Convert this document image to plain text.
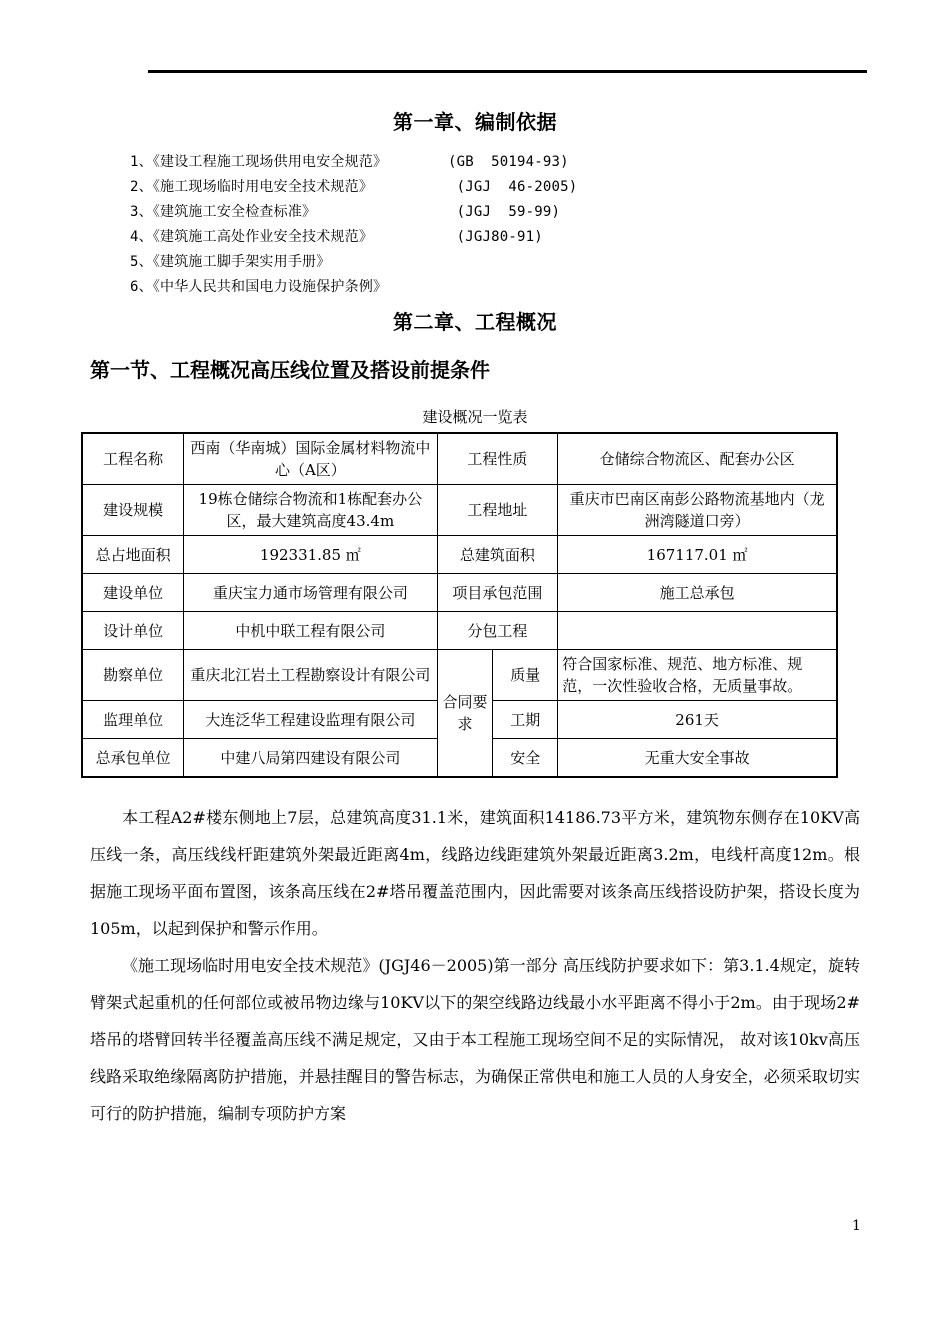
第一章、编制依据
1、《建设工程施工现场供用电安全规范》	(GB  50194-93)
2、《施工现场临时用电安全技术规范》	(JGJ  46-2005)
3、《建筑施工安全检查标准》	(JGJ  59-99)
4、《建筑施工高处作业安全技术规范》	(JGJ80-91)
5、《建筑施工脚手架实用手册》
6、《中华人民共和国电力设施保护条例》
第二章、工程概况
第一节、工程概况高压线位置及搭设前提条件
建设概况一览表
工程名称	西南（华南城）国际金属材料物流中心（A区）	工程性质		仓储综合物流区、配套办公区
建设规模	19栋仓储综合物流和1栋配套办公区，最大建筑高度43.4m	工程地址		重庆市巴南区南彭公路物流基地内（龙洲湾隧道口旁）
总占地面积	192331.85 ㎡	总建筑面积		167117.01 ㎡
建设单位	重庆宝力通市场管理有限公司	项目承包范围		施工总承包
设计单位	中机中联工程有限公司	分包工程		
勘察单位	重庆北江岩土工程勘察设计有限公司	合同要求	质量	符合国家标准、规范、地方标准、规范，一次性验收合格，无质量事故。
监理单位	大连泛华工程建设监理有限公司		工期	261天
总承包单位	中建八局第四建设有限公司		安全	无重大安全事故

本工程A2#楼东侧地上7层，总建筑高度31.1米，建筑面积14186.73平方米，建筑物东侧存在10KV高压线一条，高压线线杆距建筑外架最近距离4m，线路边线距建筑外架最近距离3.2m，电线杆高度12m。根据施工现场平面布置图，该条高压线在2#塔吊覆盖范围内，因此需要对该条高压线搭设防护架，搭设长度为105m，以起到保护和警示作用。

《施工现场临时用电安全技术规范》(JGJ46－2005)第一部分 高压线防护要求如下：第3.1.4规定，旋转臂架式起重机的任何部位或被吊物边缘与10KV以下的架空线路边线最小水平距离不得小于2m。由于现场2#塔吊的塔臂回转半径覆盖高压线不满足规定，又由于本工程施工现场空间不足的实际情况， 故对该10kv高压线路采取绝缘隔离防护措施，并悬挂醒目的警告标志，为确保正常供电和施工人员的人身安全，必须采取切实可行的防护措施，编制专项防护方案

1
